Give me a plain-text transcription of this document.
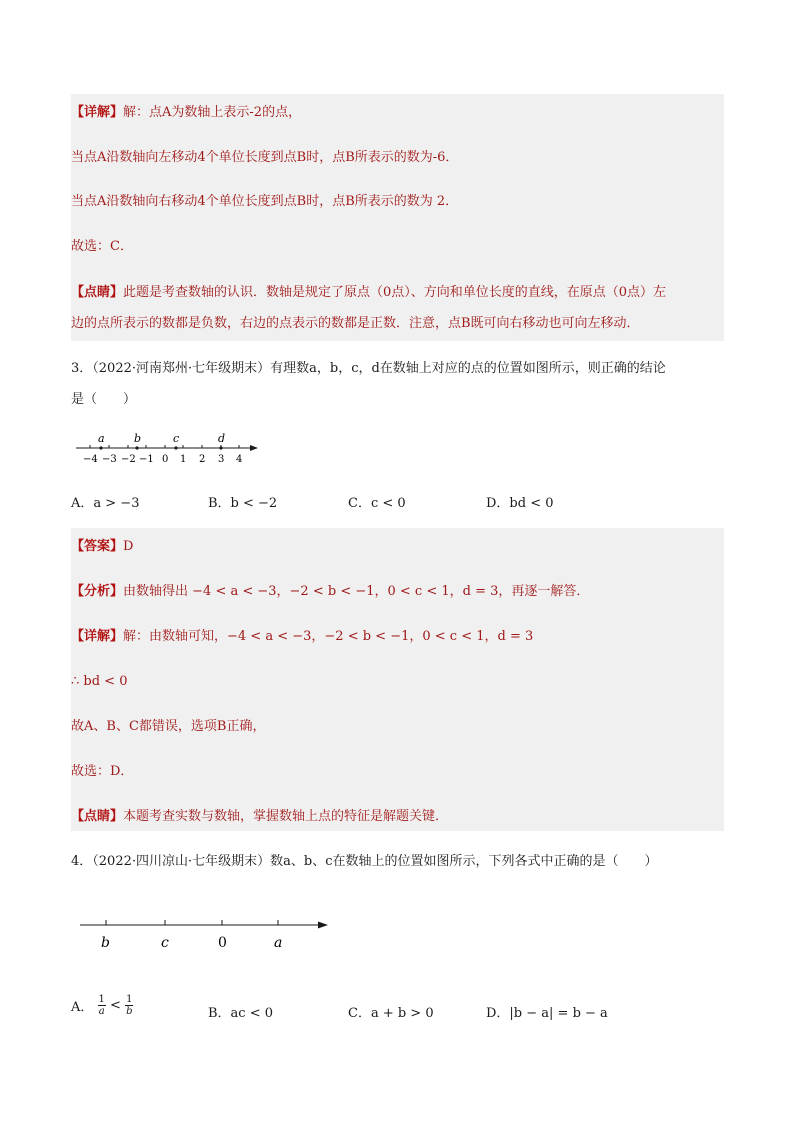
【详解】解：点A为数轴上表示-2的点，
当点A沿数轴向左移动4个单位长度到点B时，点B所表示的数为-6．
当点A沿数轴向右移动4个单位长度到点B时，点B所表示的数为 2．
故选：C．
【点睛】此题是考查数轴的认识．数轴是规定了原点（0点）、方向和单位长度的直线，在原点（0点）左
边的点所表示的数都是负数，右边的点表示的数都是正数．注意，点B既可向右移动也可向左移动．
3．（2022·河南郑州·七年级期末）有理数a，b，c，d在数轴上对应的点的位置如图所示，则正确的结论
是（　　）
a	b	c	d
−4 −3 −2 −1 0 1 2 3 4
A．a > −3	B．b < −2	C．c < 0	D．bd < 0
【答案】D
【分析】由数轴得出 −4 < a < −3，−2 < b < −1，0 < c < 1，d = 3，再逐一解答．
【详解】解：由数轴可知，−4 < a < −3，−2 < b < −1，0 < c < 1，d = 3
∴ bd < 0
故A、B、C都错误，选项B正确，
故选：D．
【点睛】本题考查实数与数轴，掌握数轴上点的特征是解题关键．
4．（2022·四川凉山·七年级期末）数a、b、c在数轴上的位置如图所示，下列各式中正确的是（　　）
b	c	0	a
A． $\frac{1}{a} < \frac{1}{b}$	B．ac < 0	C．a + b > 0	D．|b − a| = b − a
